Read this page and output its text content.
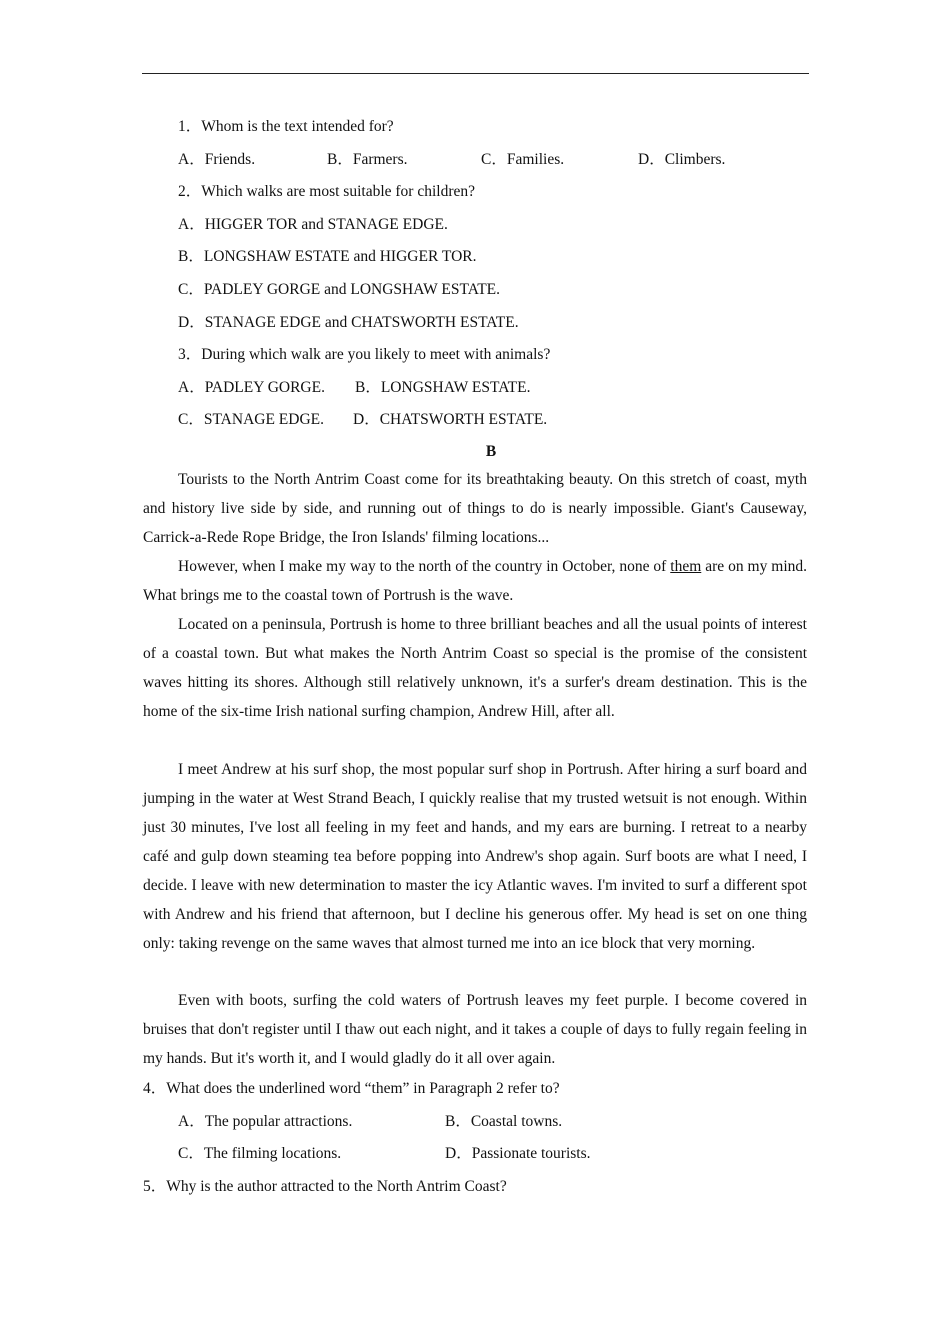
1．Whom is the text intended for?
A．Friends.	B．Farmers.	C．Families.	D．Climbers.
2．Which walks are most suitable for children?
A．HIGGER TOR and STANAGE EDGE.
B．LONGSHAW ESTATE and HIGGER TOR.
C．PADLEY GORGE and LONGSHAW ESTATE.
D．STANAGE EDGE and CHATSWORTH ESTATE.
3．During which walk are you likely to meet with animals?
A．PADLEY GORGE. B．LONGSHAW ESTATE.
C．STANAGE EDGE. D．CHATSWORTH ESTATE.
B

Tourists to the North Antrim Coast come for its breathtaking beauty. On this stretch of coast, myth and history live side by side, and running out of things to do is nearly impossible. Giant's Causeway, Carrick-a-Rede Rope Bridge, the Iron Islands' filming locations...

However, when I make my way to the north of the country in October, none of them are on my mind. What brings me to the coastal town of Portrush is the wave.

Located on a peninsula, Portrush is home to three brilliant beaches and all the usual points of interest of a coastal town. But what makes the North Antrim Coast so special is the promise of the consistent waves hitting its shores. Although still relatively unknown, it's a surfer's dream destination. This is the home of the six-time Irish national surfing champion, Andrew Hill, after all.

I meet Andrew at his surf shop, the most popular surf shop in Portrush. After hiring a surf board and jumping in the water at West Strand Beach, I quickly realise that my trusted wetsuit is not enough. Within just 30 minutes, I've lost all feeling in my feet and hands, and my ears are burning. I retreat to a nearby café and gulp down steaming tea before popping into Andrew's shop again. Surf boots are what I need, I decide. I leave with new determination to master the icy Atlantic waves. I'm invited to surf a different spot with Andrew and his friend that afternoon, but I decline his generous offer. My head is set on one thing only: taking revenge on the same waves that almost turned me into an ice block that very morning.

Even with boots, surfing the cold waters of Portrush leaves my feet purple. I become covered in bruises that don't register until I thaw out each night, and it takes a couple of days to fully regain feeling in my hands. But it's worth it, and I would gladly do it all over again.

4．What does the underlined word “them” in Paragraph 2 refer to?
A．The popular attractions.	B．Coastal towns.
C．The filming locations.	D．Passionate tourists.
5．Why is the author attracted to the North Antrim Coast?
